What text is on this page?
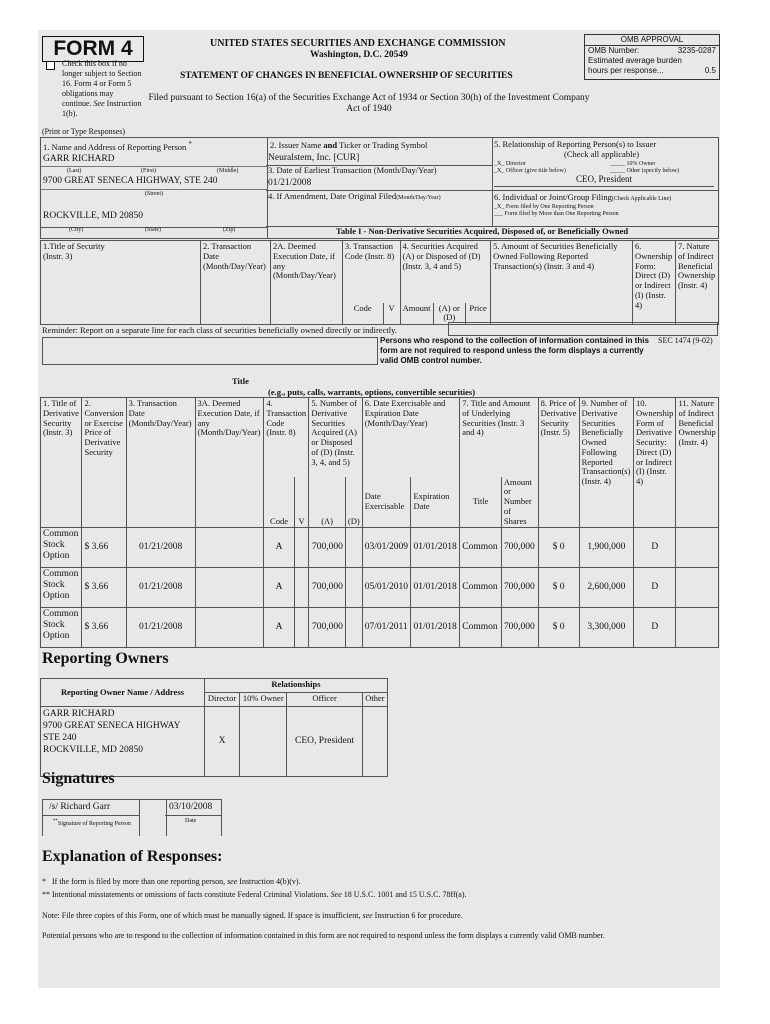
FORM 4
Check this box if no longer subject to Section 16. Form 4 or Form 5 obligations may continue. See Instruction 1(b).
UNITED STATES SECURITIES AND EXCHANGE COMMISSION
Washington, D.C. 20549
STATEMENT OF CHANGES IN BENEFICIAL OWNERSHIP OF SECURITIES
Filed pursuant to Section 16(a) of the Securities Exchange Act of 1934 or Section 30(h) of the Investment Company Act of 1940
OMB APPROVAL
OMB Number:	3235-0287
Estimated average burden
hours per response...	0.5
(Print or Type Responses)
1. Name and Address of Reporting Person *
GARR RICHARD
(Last)	(First)	(Middle)
9700 GREAT SENECA HIGHWAY, STE 240
(Street)
ROCKVILLE, MD 20850
(City)	(State)	(Zip)
2. Issuer Name and Ticker or Trading Symbol
Neuralstem, Inc. [CUR]
3. Date of Earliest Transaction (Month/Day/Year)
01/21/2008
4. If Amendment, Date Original Filed(Month/Day/Year)
5. Relationship of Reporting Person(s) to Issuer
(Check all applicable)
_X_ Director	_____ 10% Owner
_X_ Officer (give title below)	_____ Other (specify below)
CEO, President
6. Individual or Joint/Group Filing(Check Applicable Line)
_X_ Form filed by One Reporting Person
___ Form filed by More than One Reporting Person
Table I - Non-Derivative Securities Acquired, Disposed of, or Beneficially Owned
1.Title of Security
(Instr. 3)	2. Transaction Date (Month/Day/Year)	2A. Deemed Execution Date, if any (Month/Day/Year)	3. Transaction Code (Instr. 8)		4. Securities Acquired (A) or Disposed of (D) (Instr. 3, 4 and 5)			5. Amount of Securities Beneficially Owned Following Reported Transaction(s) (Instr. 3 and 4)	6. Ownership Form: Direct (D) or Indirect (I) (Instr. 4)	7. Nature of Indirect Beneficial Ownership (Instr. 4)
			Code	V	Amount	(A) or (D)	Price			
Reminder: Report on a separate line for each class of securities beneficially owned directly or indirectly.
Persons who respond to the collection of information contained in this form are not required to respond unless the form displays a currently valid OMB control number.
SEC 1474 (9-02)
Title
(e.g., puts, calls, warrants, options, convertible securities)
1. Title of Derivative Security (Instr. 3)	2. Conversion or Exercise Price of Derivative Security	3. Transaction Date (Month/Day/Year)	3A. Deemed Execution Date, if any (Month/Day/Year)	4. Transaction Code (Instr. 8)		5. Number of Derivative Securities Acquired (A) or Disposed of (D) (Instr. 3, 4, and 5)		6. Date Exercisable and Expiration Date (Month/Day/Year)		7. Title and Amount of Underlying Securities (Instr. 3 and 4)		8. Price of Derivative Security (Instr. 5)	9. Number of Derivative Securities Beneficially Owned Following Reported Transaction(s) (Instr. 4)	10. Ownership Form of Derivative Security: Direct (D) or Indirect (I) (Instr. 4)	11. Nature of Indirect Beneficial Ownership (Instr. 4)
				Code	V	(A)	(D)	Date Exercisable	Expiration Date	Title	Amount or Number of Shares				
Common Stock Option	$ 3.66	01/21/2008		A		700,000		03/01/2009	01/01/2018	Common	700,000	$ 0	1,900,000	D	
Common Stock Option	$ 3.66	01/21/2008		A		700,000		05/01/2010	01/01/2018	Common	700,000	$ 0	2,600,000	D	
Common Stock Option	$ 3.66	01/21/2008		A		700,000		07/01/2011	01/01/2018	Common	700,000	$ 0	3,300,000	D	
Reporting Owners
Reporting Owner Name / Address	Relationships			
	Director	10% Owner	Officer	Other

GARR RICHARD
9700 GREAT SENECA HIGHWAY
STE 240
ROCKVILLE, MD 20850	X		CEO, President	
Signatures
/s/ Richard Garr
**Signature of Reporting Person
03/10/2008
Date
Explanation of Responses:
* If the form is filed by more than one reporting person, see Instruction 4(b)(v).
** Intentional misstatements or omissions of facts constitute Federal Criminal Violations. See 18 U.S.C. 1001 and 15 U.S.C. 78ff(a).
Note: File three copies of this Form, one of which must be manually signed. If space is insufficient, see Instruction 6 for procedure.
Potential persons who are to respond to the collection of information contained in this form are not required to respond unless the form displays a currently valid OMB number.
